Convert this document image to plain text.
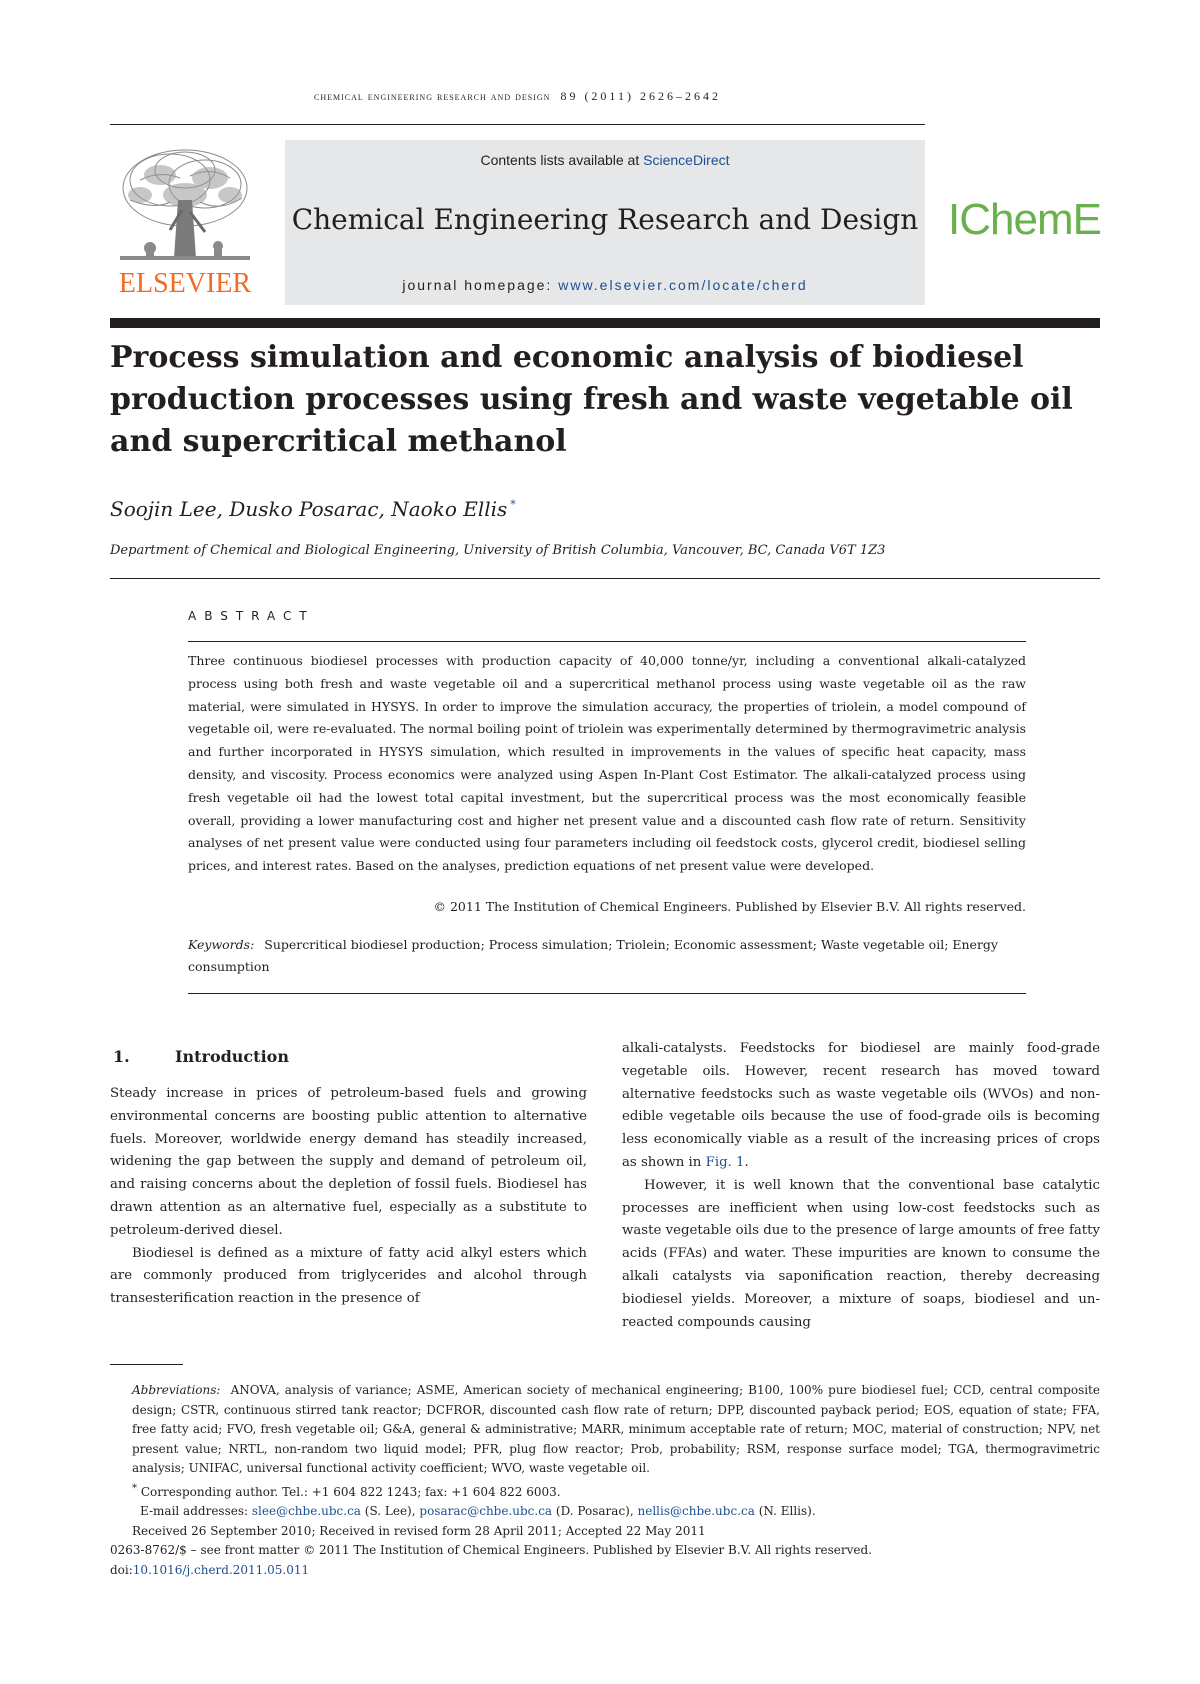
chemical engineering research and design 89 (2011) 2626–2642
ELSEVIER
Contents lists available at ScienceDirect
Chemical Engineering Research and Design
journal homepage: www.elsevier.com/locate/cherd
IChemE
Process simulation and economic analysis of biodiesel
production processes using fresh and waste vegetable oil
and supercritical methanol
Soojin Lee, Dusko Posarac, Naoko Ellis *
Department of Chemical and Biological Engineering, University of British Columbia, Vancouver, BC, Canada V6T 1Z3
ABSTRACT
Three continuous biodiesel processes with production capacity of 40,000 tonne/yr, including a conventional alkali-catalyzed process using both fresh and waste vegetable oil and a supercritical methanol process using waste vegetable oil as the raw material, were simulated in HYSYS. In order to improve the simulation accuracy, the properties of triolein, a model compound of vegetable oil, were re-evaluated. The normal boiling point of triolein was experimentally determined by thermogravimetric analysis and further incorporated in HYSYS simulation, which resulted in improvements in the values of specific heat capacity, mass density, and viscosity. Process economics were analyzed using Aspen In-Plant Cost Estimator. The alkali-catalyzed process using fresh vegetable oil had the lowest total capital investment, but the supercritical process was the most economically feasible overall, providing a lower manufacturing cost and higher net present value and a discounted cash flow rate of return. Sensitivity analyses of net present value were conducted using four parameters including oil feedstock costs, glycerol credit, biodiesel selling prices, and interest rates. Based on the analyses, prediction equations of net present value were developed.
© 2011 The Institution of Chemical Engineers. Published by Elsevier B.V. All rights reserved.
Keywords: Supercritical biodiesel production; Process simulation; Triolein; Economic assessment; Waste vegetable oil; Energy consumption
1.	Introduction

Steady increase in prices of petroleum-based fuels and growing environmental concerns are boosting public attention to alternative fuels. Moreover, worldwide energy demand has steadily increased, widening the gap between the supply and demand of petroleum oil, and raising concerns about the depletion of fossil fuels. Biodiesel has drawn attention as an alternative fuel, especially as a substitute to petroleum-derived diesel.

Biodiesel is defined as a mixture of fatty acid alkyl esters which are commonly produced from triglycerides and alcohol through transesterification reaction in the presence of

alkali-catalysts. Feedstocks for biodiesel are mainly food-grade vegetable oils. However, recent research has moved toward alternative feedstocks such as waste vegetable oils (WVOs) and non-edible vegetable oils because the use of food-grade oils is becoming less economically viable as a result of the increasing prices of crops as shown in Fig. 1.

However, it is well known that the conventional base catalytic processes are inefficient when using low-cost feedstocks such as waste vegetable oils due to the presence of large amounts of free fatty acids (FFAs) and water. These impurities are known to consume the alkali catalysts via saponification reaction, thereby decreasing biodiesel yields. Moreover, a mixture of soaps, biodiesel and un-reacted compounds causing

Abbreviations: ANOVA, analysis of variance; ASME, American society of mechanical engineering; B100, 100% pure biodiesel fuel; CCD, central composite design; CSTR, continuous stirred tank reactor; DCFROR, discounted cash flow rate of return; DPP, discounted payback period; EOS, equation of state; FFA, free fatty acid; FVO, fresh vegetable oil; G&A, general & administrative; MARR, minimum acceptable rate of return; MOC, material of construction; NPV, net present value; NRTL, non-random two liquid model; PFR, plug flow reactor; Prob, probability; RSM, response surface model; TGA, thermogravimetric analysis; UNIFAC, universal functional activity coefficient; WVO, waste vegetable oil.

* Corresponding author. Tel.: +1 604 822 1243; fax: +1 604 822 6003.

E-mail addresses: slee@chbe.ubc.ca (S. Lee), posarac@chbe.ubc.ca (D. Posarac), nellis@chbe.ubc.ca (N. Ellis).

Received 26 September 2010; Received in revised form 28 April 2011; Accepted 22 May 2011

0263-8762/$ – see front matter © 2011 The Institution of Chemical Engineers. Published by Elsevier B.V. All rights reserved.

doi:10.1016/j.cherd.2011.05.011
